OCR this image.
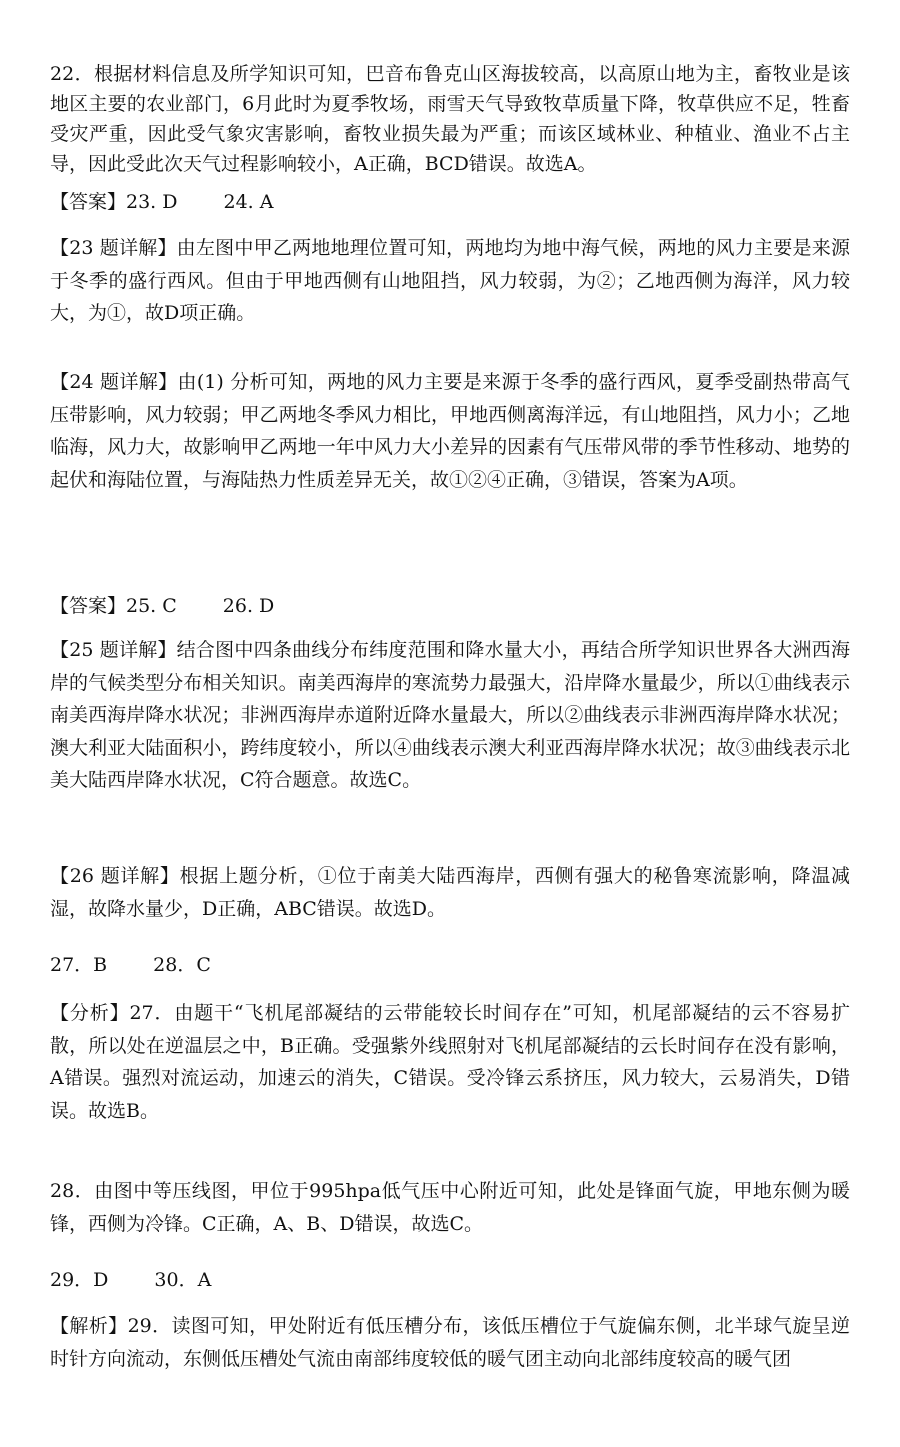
22．根据材料信息及所学知识可知，巴音布鲁克山区海拔较高，以高原山地为主，畜牧业是该地区主要的农业部门，6月此时为夏季牧场，雨雪天气导致牧草质量下降，牧草供应不足，牲畜受灾严重，因此受气象灾害影响，畜牧业损失最为严重；而该区域林业、种植业、渔业不占主导，因此受此次天气过程影响较小，A正确，BCD错误。故选A。

【答案】23. D 24. A

【23 题详解】由左图中甲乙两地地理位置可知，两地均为地中海气候，两地的风力主要是来源于冬季的盛行西风。但由于甲地西侧有山地阻挡，风力较弱，为②；乙地西侧为海洋，风力较大，为①，故D项正确。

【24 题详解】由(1) 分析可知，两地的风力主要是来源于冬季的盛行西风，夏季受副热带高气压带影响，风力较弱；甲乙两地冬季风力相比，甲地西侧离海洋远，有山地阻挡，风力小；乙地临海，风力大，故影响甲乙两地一年中风力大小差异的因素有气压带风带的季节性移动、地势的起伏和海陆位置，与海陆热力性质差异无关，故①②④正确，③错误，答案为A项。

【答案】25. C 26. D

【25 题详解】结合图中四条曲线分布纬度范围和降水量大小，再结合所学知识世界各大洲西海岸的气候类型分布相关知识。南美西海岸的寒流势力最强大，沿岸降水量最少，所以①曲线表示南美西海岸降水状况；非洲西海岸赤道附近降水量最大，所以②曲线表示非洲西海岸降水状况；澳大利亚大陆面积小，跨纬度较小，所以④曲线表示澳大利亚西海岸降水状况；故③曲线表示北美大陆西岸降水状况，C符合题意。故选C。

【26 题详解】根据上题分析，①位于南美大陆西海岸，西侧有强大的秘鲁寒流影响，降温减湿，故降水量少，D正确，ABC错误。故选D。

27．B 28．C

【分析】27．由题干“飞机尾部凝结的云带能较长时间存在”可知，机尾部凝结的云不容易扩散，所以处在逆温层之中，B正确。受强紫外线照射对飞机尾部凝结的云长时间存在没有影响，A错误。强烈对流运动，加速云的消失，C错误。受冷锋云系挤压，风力较大，云易消失，D错误。故选B。

28．由图中等压线图，甲位于995hpa低气压中心附近可知，此处是锋面气旋，甲地东侧为暖锋，西侧为冷锋。C正确，A、B、D错误，故选C。

29．D 30．A

【解析】29．读图可知，甲处附近有低压槽分布，该低压槽位于气旋偏东侧，北半球气旋呈逆时针方向流动，东侧低压槽处气流由南部纬度较低的暖气团主动向北部纬度较高的暖气团
